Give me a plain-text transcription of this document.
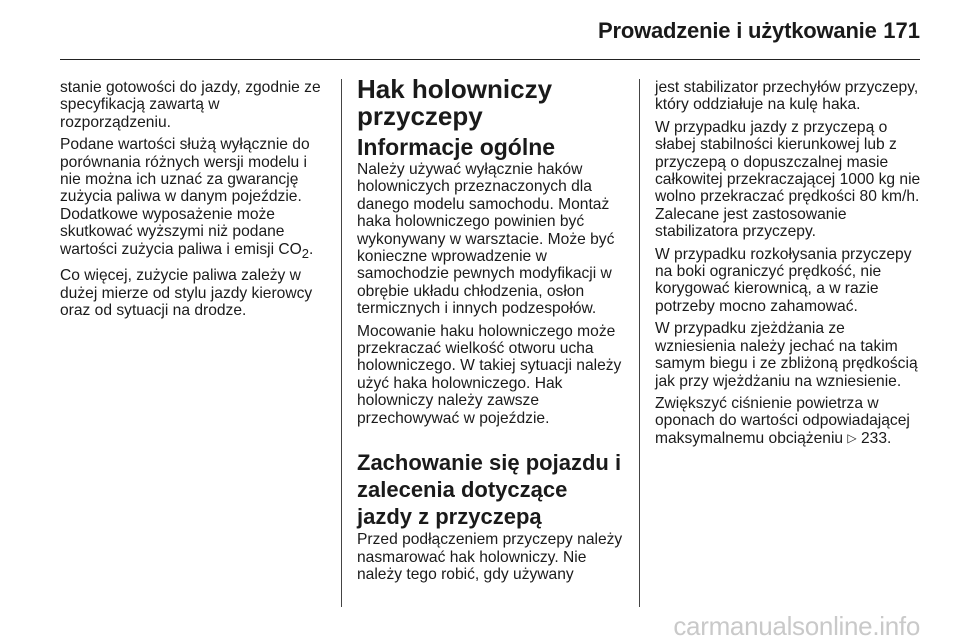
Prowadzenie i użytkowanie 171

stanie gotowości do jazdy, zgodnie ze specyfikacją zawartą w rozporządzeniu.

Podane wartości służą wyłącznie do porównania różnych wersji modelu i nie można ich uznać za gwarancję zużycia paliwa w danym pojeździe. Dodatkowe wyposażenie może skutkować wyższymi niż podane wartości zużycia paliwa i emisji $CO_2$.

Co więcej, zużycie paliwa zależy w dużej mierze od stylu jazdy kierowcy oraz od sytuacji na drodze.

Hak holowniczy przyczepy
Informacje ogólne

Należy używać wyłącznie haków holowniczych przeznaczonych dla danego modelu samochodu. Montaż haka holowniczego powinien być wykonywany w warsztacie. Może być konieczne wprowadzenie w samochodzie pewnych modyfikacji w obrębie układu chłodzenia, osłon termicznych i innych podzespołów.

Mocowanie haku holowniczego może przekraczać wielkość otworu ucha holowniczego. W takiej sytuacji należy użyć haka holowniczego. Hak holowniczy należy zawsze przechowywać w pojeździe.

Zachowanie się pojazdu i zalecenia dotyczące jazdy z przyczepą

Przed podłączeniem przyczepy należy nasmarować hak holowniczy. Nie należy tego robić, gdy używany

jest stabilizator przechyłów przyczepy, który oddziałuje na kulę haka.

W przypadku jazdy z przyczepą o słabej stabilności kierunkowej lub z przyczepą o dopuszczalnej masie całkowitej przekraczającej 1000 kg nie wolno przekraczać prędkości 80 km/h. Zalecane jest zastosowanie stabilizatora przyczepy.

W przypadku rozkołysania przyczepy na boki ograniczyć prędkość, nie korygować kierownicą, a w razie potrzeby mocno zahamować.

W przypadku zjeżdżania ze wzniesienia należy jechać na takim samym biegu i ze zbliżoną prędkością jak przy wjeżdżaniu na wzniesienie.

Zwiększyć ciśnienie powietrza w oponach do wartości odpowiadającej maksymalnemu obciążeniu ▷ 233.

carmanualsonline.info
